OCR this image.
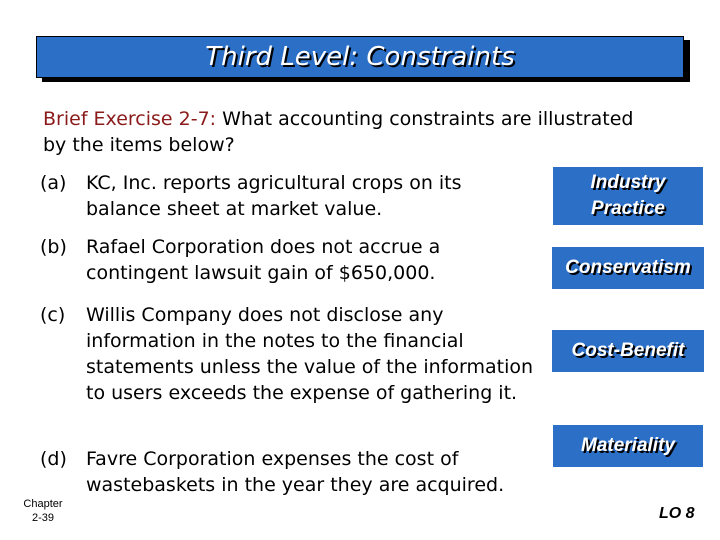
Third Level: Constraints
Brief Exercise 2-7: What accounting constraints are illustrated by the items below?
(a)	KC, Inc. reports agricultural crops on its balance sheet at market value.
Industry Practice
(b)	Rafael Corporation does not accrue a contingent lawsuit gain of $650,000.	Conservatism
(c)	Willis Company does not disclose any information in the notes to the financial statements unless the value of the information to users exceeds the expense of gathering it.
Cost-Benefit
(d)	Favre Corporation expenses the cost of wastebaskets in the year they are acquired.
Materiality
Chapter
2-39	LO 8
